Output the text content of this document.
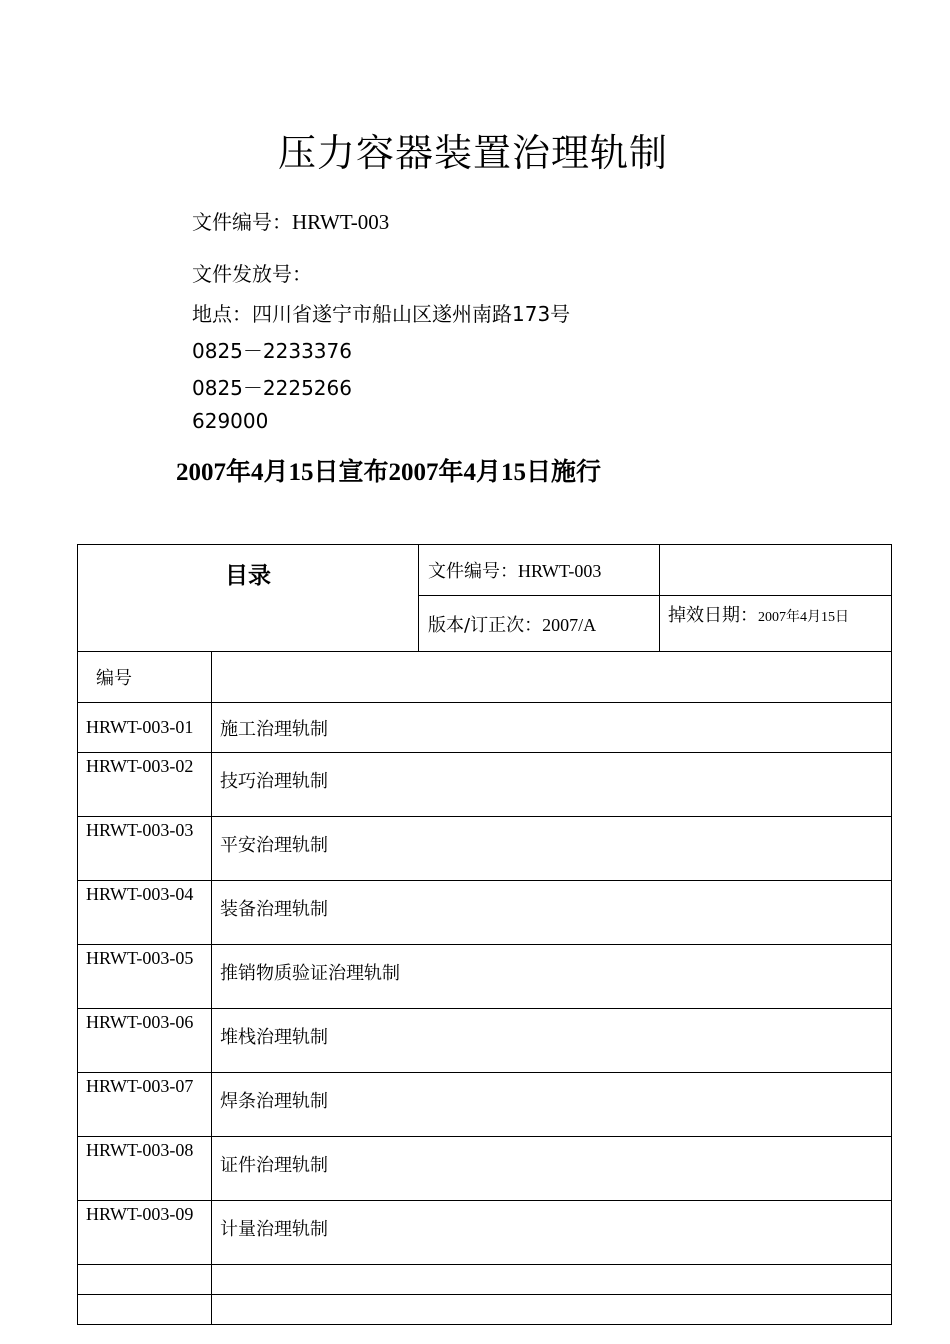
压力容器装置治理轨制
文件编号：HRWT-003
文件发放号：
地点：四川省遂宁市船山区遂州南路173号
0825－2233376
0825－2225266
629000
2007年4月15日宣布2007年4月15日施行
目录		文件编号：HRWT-003	
		版本/订正次：2007/A	掉效日期：2007年4月15日
编号			
HRWT-003-01	施工治理轨制		
HRWT-003-02	技巧治理轨制		
HRWT-003-03	平安治理轨制		
HRWT-003-04	装备治理轨制		
HRWT-003-05	推销物质验证治理轨制		
HRWT-003-06	堆栈治理轨制		
HRWT-003-07	焊条治理轨制		
HRWT-003-08	证件治理轨制		
HRWT-003-09	计量治理轨制		
